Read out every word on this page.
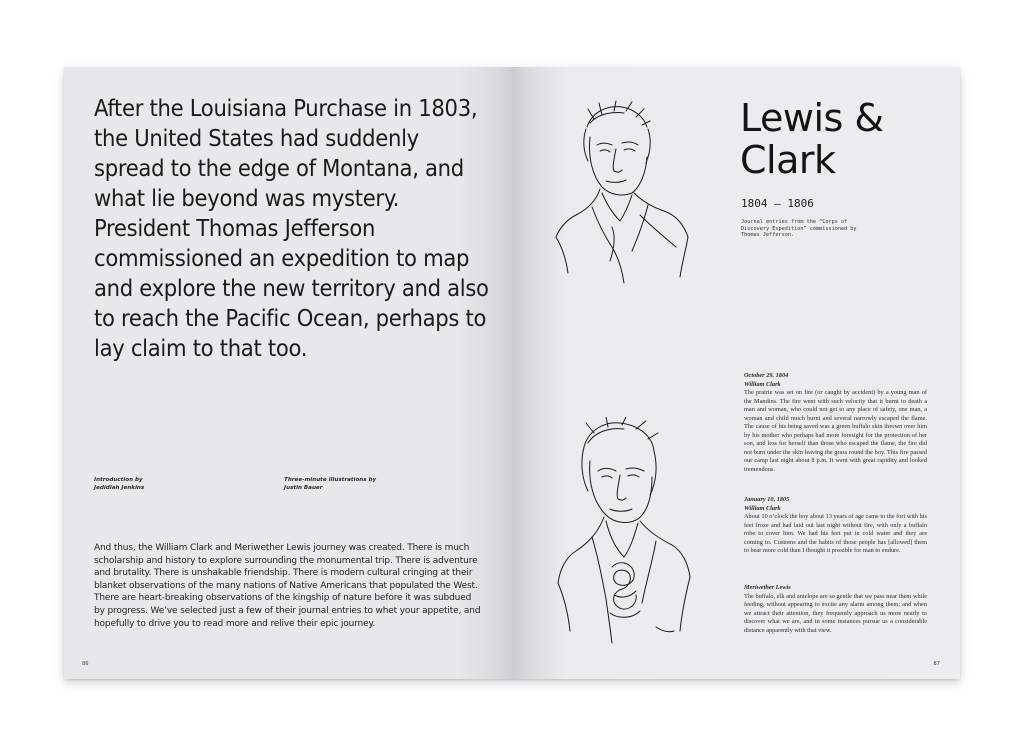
After the Louisiana Purchase in 1803, the United States had suddenly spread to the edge of Montana, and what lie beyond was mystery. President Thomas Jefferson commissioned an expedition to map and explore the new territory and also to reach the Pacific Ocean, perhaps to lay claim to that too.
Introduction by
Jedidiah Jenkins
Three-minute illustrations by
Justin Bauer
And thus, the William Clark and Meriwether Lewis journey was created. There is much scholarship and history to explore surrounding the monumental trip. There is adventure and brutality. There is unshakable friendship. There is modern cultural cringing at their blanket observations of the many nations of Native Americans that populated the West. There are heart-breaking observations of the kingship of nature before it was subdued by progress. We’ve selected just a few of their journal entries to whet your appetite, and hopefully to drive you to read more and relive their epic journey.
86
Lewis &
Clark
1804 – 1806
Journal entries from the “Corps of Discovery Expedition” commissioned by Thomas Jefferson.
October 29, 1804
William Clark
The prairie was set on fire (or caught by accident) by a young man of the Mandins. The fire went with such velocity that it burnt to death a man and woman, who could not get to any place of safety, one man, a woman and child much burnt and several narrowly escaped the flame. The cause of his being saved was a green buffalo skin thrown over him by his mother who perhaps had more foresight for the protection of her son, and less for herself than those who escaped the flame, the fire did not burn under the skin leaving the grass round the boy. This fire passed our camp last night about 8 p.m. It went with great rapidity and looked tremendous.
January 10, 1805
William Clark
About 10 o’clock the boy about 13 years of age came to the fort with his feet froze and had laid out last night without fire, with only a buffalo robe to cover him. We had his feet put in cold water and they are coming to. Customs and the habits of those people has [allowed] them to bear more cold than I thought it possible for man to endure.
Meriwether Lewis
The buffalo, elk and antelope are so gentle that we pass near them while feeding, without appearing to excite any alarm among them; and when we attract their attention, they frequently approach us more nearly to discover what we are, and in some instances pursue us a considerable distance apparently with that view.
87
